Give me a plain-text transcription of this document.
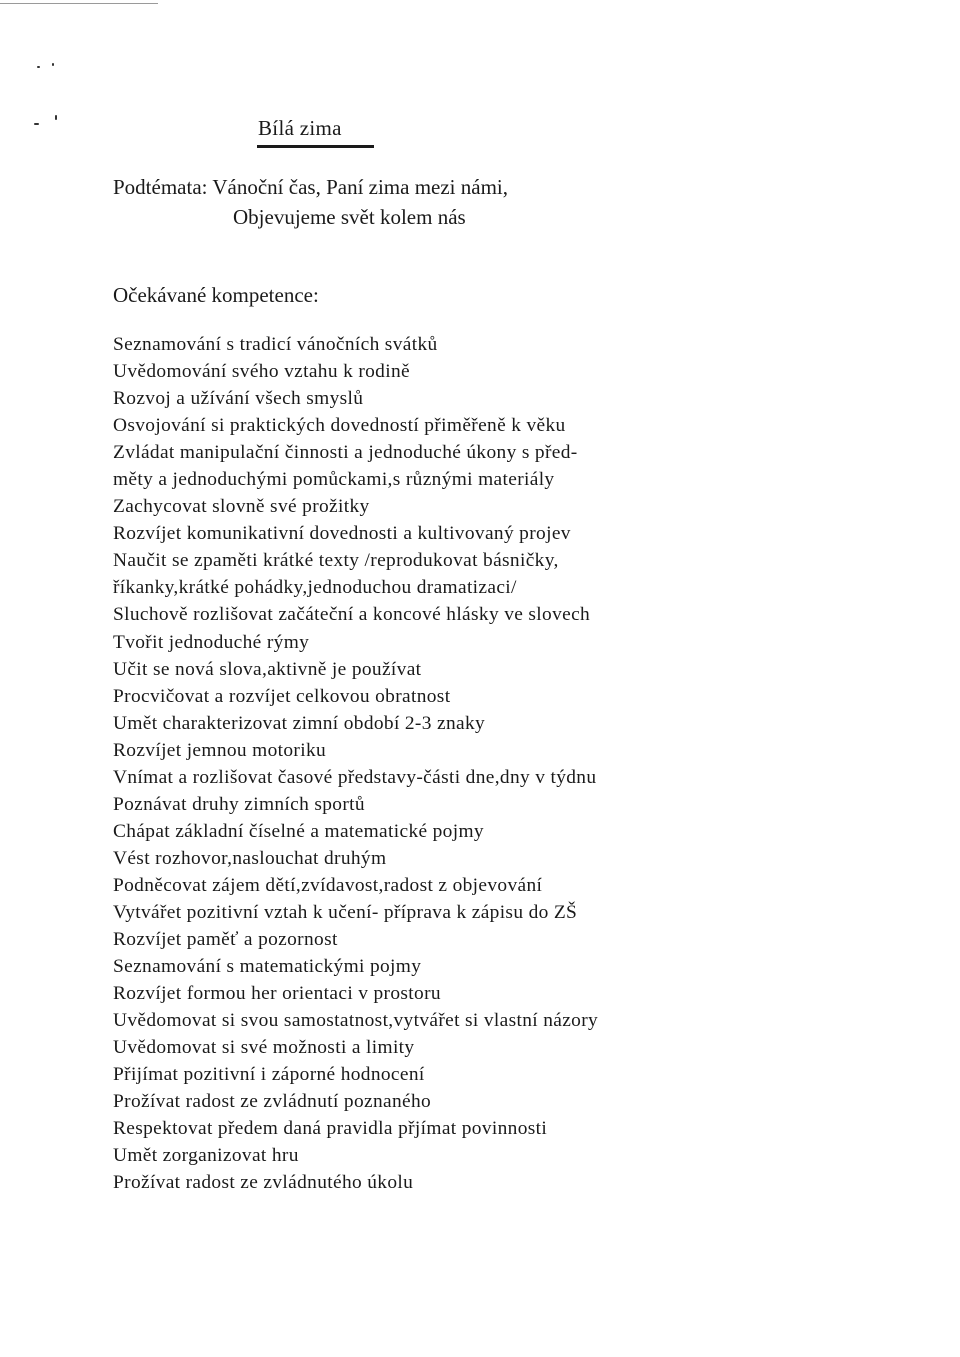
Bílá zima
Podtémata: Vánoční čas, Paní zima mezi námi,
Objevujeme svět kolem nás
Očekávané kompetence:
Seznamování s tradicí vánočních svátků
Uvědomování svého vztahu k rodině
Rozvoj a užívání všech smyslů
Osvojování si praktických dovedností přiměřeně k věku
Zvládat manipulační činnosti a jednoduché úkony s před-
měty a jednoduchými pomůckami,s různými materiály
Zachycovat slovně své prožitky
Rozvíjet komunikativní dovednosti a kultivovaný projev
Naučit se zpaměti krátké texty /reprodukovat básničky,
říkanky,krátké pohádky,jednoduchou dramatizaci/
Sluchově rozlišovat začáteční a koncové hlásky ve slovech
Tvořit jednoduché rýmy
Učit se nová slova,aktivně je používat
Procvičovat a rozvíjet celkovou obratnost
Umět charakterizovat zimní období 2-3 znaky
Rozvíjet jemnou motoriku
Vnímat a rozlišovat časové představy-části dne,dny v týdnu
Poznávat druhy zimních sportů
Chápat základní číselné a matematické pojmy
Vést rozhovor,naslouchat druhým
Podněcovat zájem dětí,zvídavost,radost z objevování
Vytvářet pozitivní vztah k učení- příprava k zápisu do ZŠ
Rozvíjet paměť a pozornost
Seznamování s matematickými pojmy
Rozvíjet formou her orientaci v prostoru
Uvědomovat si svou samostatnost,vytvářet si vlastní názory
Uvědomovat si své možnosti a limity
Přijímat pozitivní i záporné hodnocení
Prožívat radost ze zvládnutí poznaného
Respektovat předem daná pravidla přjímat povinnosti
Umět zorganizovat hru
Prožívat radost ze zvládnutého úkolu
